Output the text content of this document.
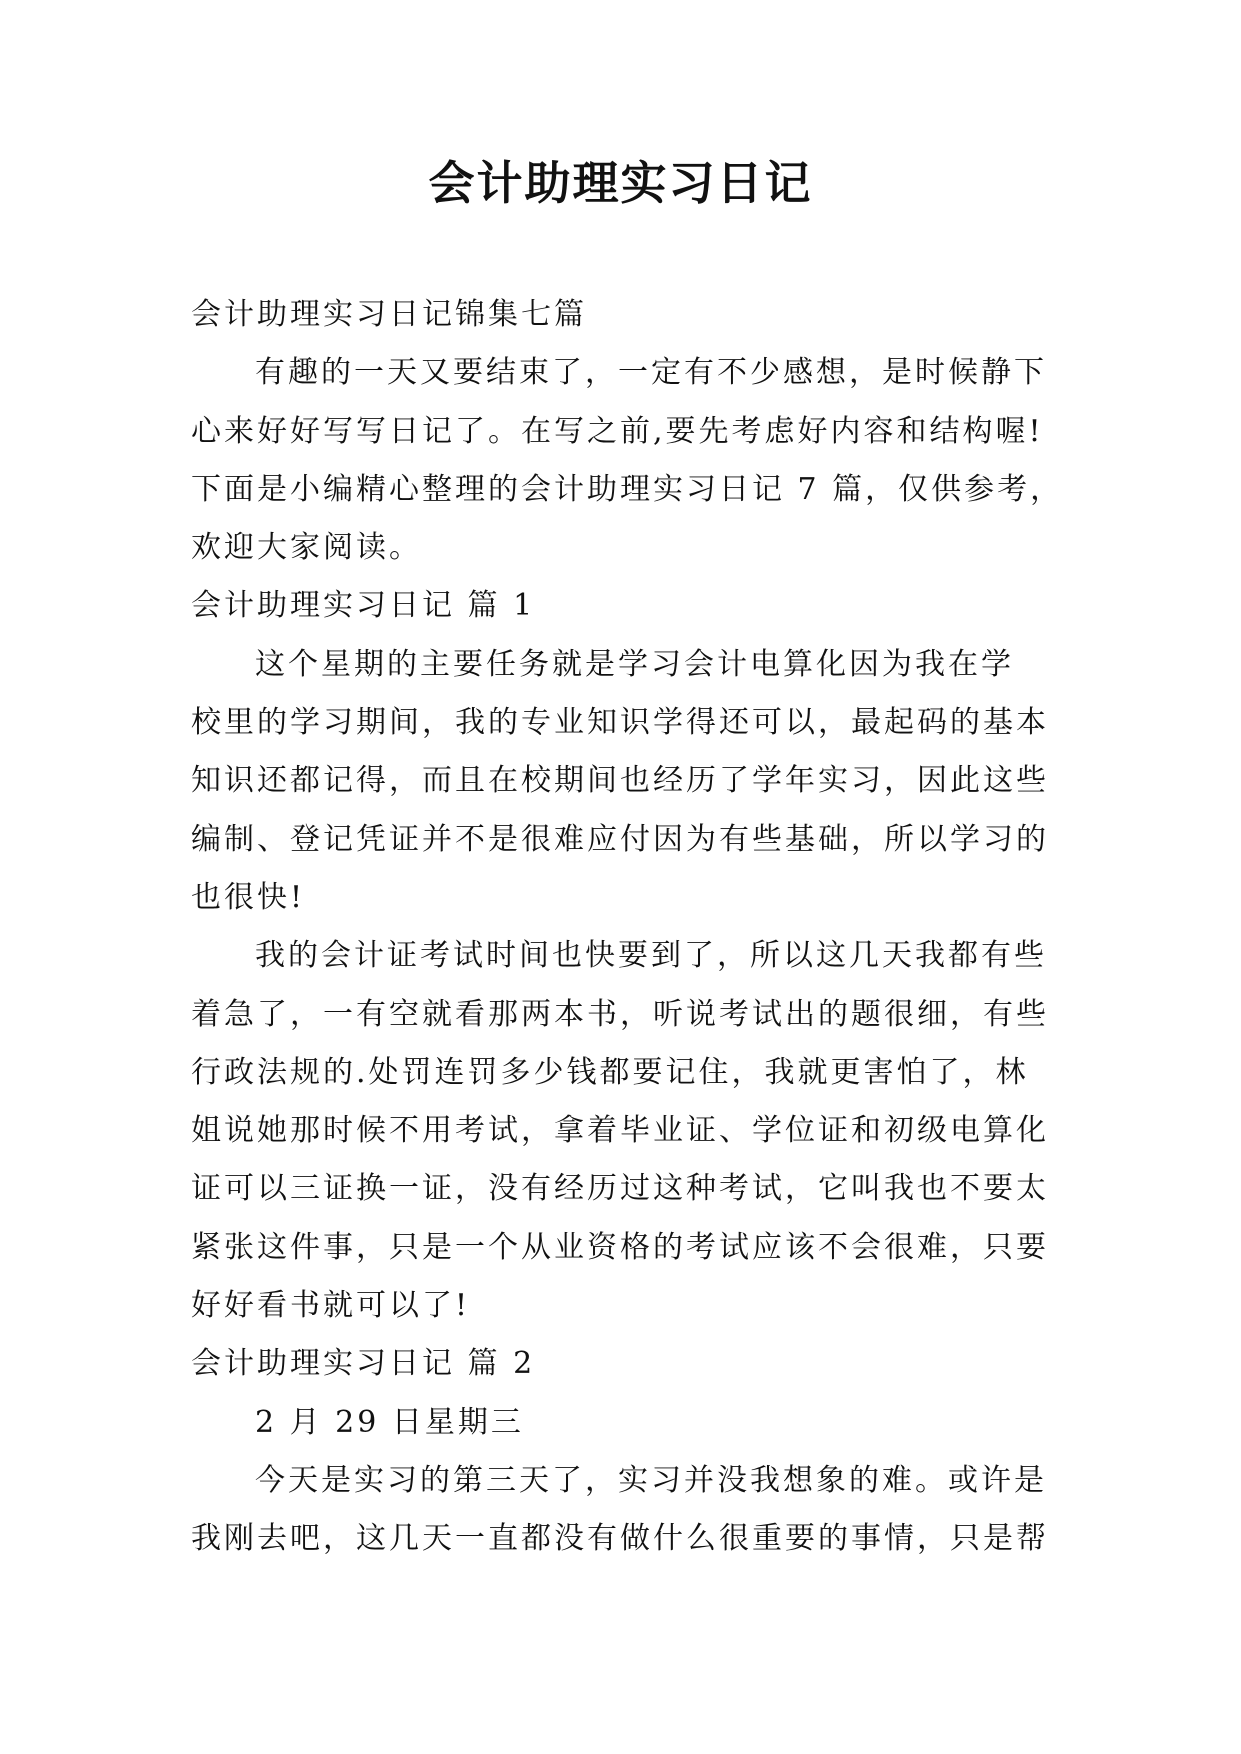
会计助理实习日记
会计助理实习日记锦集七篇
有趣的一天又要结束了，一定有不少感想，是时候静下
心来好好写写日记了。在写之前,要先考虑好内容和结构喔!
下面是小编精心整理的会计助理实习日记 7 篇，仅供参考，
欢迎大家阅读。
会计助理实习日记 篇 1
这个星期的主要任务就是学习会计电算化因为我在学
校里的学习期间，我的专业知识学得还可以，最起码的基本
知识还都记得，而且在校期间也经历了学年实习，因此这些
编制、登记凭证并不是很难应付因为有些基础，所以学习的
也很快!
我的会计证考试时间也快要到了，所以这几天我都有些
着急了，一有空就看那两本书，听说考试出的题很细，有些
行政法规的.处罚连罚多少钱都要记住，我就更害怕了，林
姐说她那时候不用考试，拿着毕业证、学位证和初级电算化
证可以三证换一证，没有经历过这种考试，它叫我也不要太
紧张这件事，只是一个从业资格的考试应该不会很难，只要
好好看书就可以了!
会计助理实习日记 篇 2
2 月 29 日星期三
今天是实习的第三天了，实习并没我想象的难。或许是
我刚去吧，这几天一直都没有做什么很重要的事情，只是帮
